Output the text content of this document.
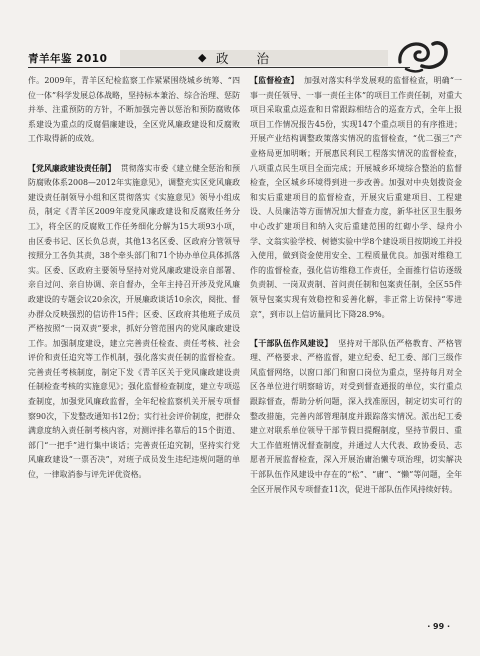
青羊年鉴 2010	◆ 政 治

作。2009年，青羊区纪检监察工作紧紧围绕城乡统筹、“四位一体”科学发展总体战略，坚持标本兼治、综合治理、惩防并举、注重预防的方针，不断加强完善以惩治和预防腐败体系建设为重点的反腐倡廉建设，全区党风廉政建设和反腐败工作取得新的成效。

【党风廉政建设责任制】 贯彻落实市委《建立健全惩治和预防腐败体系2008—2012年实施意见》，调整充实区党风廉政建设责任制领导小组和区贯彻落实《实施意见》领导小组成员，制定《青羊区2009年度党风廉政建设和反腐败任务分工》，将全区的反腐败工作任务细化分解为15大项93小项，由区委书记、区长负总责，其他13名区委、区政府分管领导按照分工各负其责，38个牵头部门和71个协办单位具体抓落实。区委、区政府主要领导坚持对党风廉政建设亲自部署、亲自过问、亲自协调、亲自督办，全年主持召开涉及党风廉政建设的专题会议20余次，开展廉政谈话10余次，阅批、督办群众反映强烈的信访件15件；区委、区政府其他班子成员严格按照“一岗双责”要求，抓好分管范围内的党风廉政建设工作。加强制度建设，建立完善责任检查、责任考核、社会评价和责任追究等工作机制，强化落实责任制的监督检查。完善责任考核制度，制定下发《青羊区关于党风廉政建设责任制检查考核的实施意见》；强化监督检查制度，建立专项巡查制度，加强党风廉政监督，全年纪检监察机关开展专项督察90次，下发整改通知书12份；实行社会评价制度，把群众满意度纳入责任制考核内容，对测评排名靠后的15个街道、部门“一把手”进行集中谈话；完善责任追究制，坚持实行党风廉政建设“一票否决”，对班子成员发生违纪违规问题的单位，一律取消参与评先评优资格。

【监督检查】 加强对落实科学发展观的监督检查，明确“一事一责任领导、一事一责任主体”的项目工作责任制，对重大项目采取重点巡查和日常跟踪相结合的巡查方式，全年上报项目工作情况报告45份，实现147个重点项目的有序推进；开展产业结构调整政策落实情况的监督检查，“优二强三”产业格局更加明晰；开展惠民利民工程落实情况的监督检查，八项重点民生项目全面完成；开展城乡环境综合整治的监督检查，全区城乡环境得到进一步改善。加强对中央划拨资金和实后重建项目的监督检查，开展灾后重建项目、工程建设、人员廉洁等方面情况加大督查力度，新华社区卫生服务中心改扩建项目和纳入灾后重建范围的红砌小学、绿舟小学、文翁实验学校、树德实验中学8个建设项目按期竣工并投入使用，做到资金使用安全、工程质量优良。加强对维稳工作的监督检查，强化信访维稳工作责任，全面推行信访逐级负责制、一岗双责制、首问责任制和包案责任制，全区55件领导包案实现有效稳控和妥善化解，非正常上访保持“零进京”，到市以上信访量同比下降28.9%。

【干部队伍作风建设】 坚持对干部队伍严格教育、严格管理、严格要求、严格监督，建立纪委、纪工委、部门三级作风监督网络，以窗口部门和窗口岗位为重点，坚持每月对全区各单位进行明察暗访，对受到督查通报的单位，实行重点跟踪督查，帮助分析问题，深入找准原因，制定切实可行的整改措施，完善内部管理制度并跟踪落实情况。派出纪工委建立对联系单位领导干部节假日提醒制度，坚持节假日、重大工作值班情况督查制度，并通过人大代表、政协委员、志愿者开展监督检查，深入开展治庸治懒专项治理，切实解决干部队伍作风建设中存在的“松”、“庸”、“懒”等问题，全年全区开展作风专项督查11次，促进干部队伍作风持续好转。

· 99 ·
